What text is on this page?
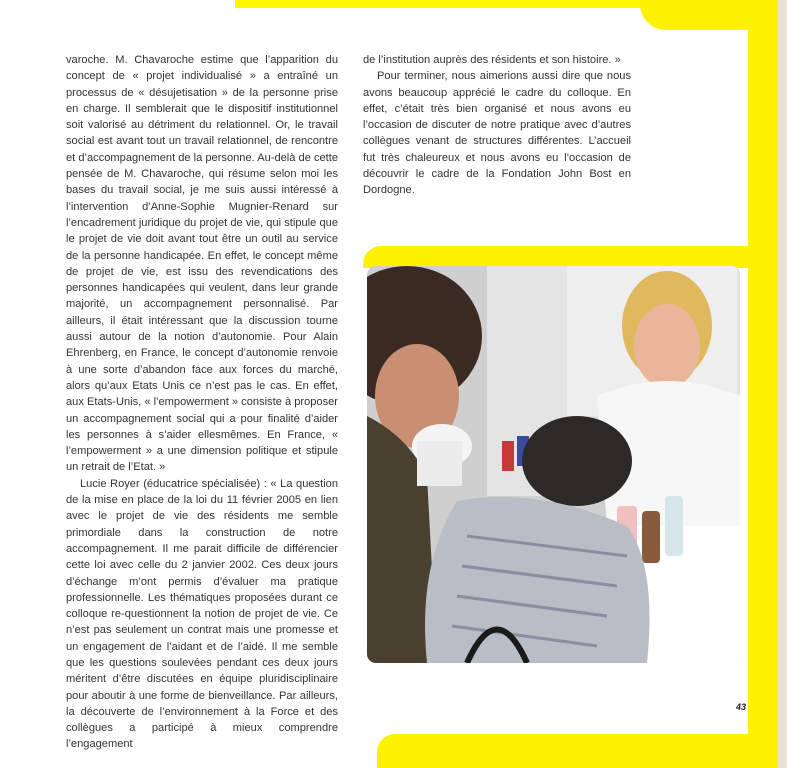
varoche. M. Chavaroche estime que l’apparition du concept de « projet individualisé » a entraîné un processus de « désujetisation » de la personne prise en charge. Il semblerait que le dispositif institutionnel soit valorisé au détriment du relationnel. Or, le travail social est avant tout un travail relationnel, de rencontre et d’accompagnement de la personne. Au-delà de cette pensée de M. Chavaroche, qui résume selon moi les bases du travail social, je me suis aussi intéressé à l’intervention d’Anne-Sophie Mugnier-Renard sur l’encadrement juridique du projet de vie, qui stipule que le projet de vie doit avant tout être un outil au service de la personne handicapée. En effet, le concept même de projet de vie, est issu des revendications des personnes handicapées qui veulent, dans leur grande majorité, un accompagnement personnalisé. Par ailleurs, il était intéressant que la discussion tourne aussi autour de la notion d’autonomie. Pour Alain Ehrenberg, en France, le concept d’autonomie renvoie à une sorte d’abandon face aux forces du marché, alors qu’aux Etats Unis ce n’est pas le cas. En effet, aux Etats-Unis, « l’empowerment » consiste à proposer un accompagnement social qui a pour finalité d’aider les personnes à s’aider ellesmêmes. En France, « l’empowerment » a une dimension politique et stipule un retrait de l’Etat. »

Lucie Royer (éducatrice spécialisée) : « La question de la mise en place de la loi du 11 février 2005 en lien avec le projet de vie des résidents me semble primordiale dans la construction de notre accompagnement. Il me parait difficile de différencier cette loi avec celle du 2 janvier 2002. Ces deux jours d’échange m’ont permis d’évaluer ma pratique professionnelle. Les thématiques proposées durant ce colloque re-questionnent la notion de projet de vie. Ce n’est pas seulement un contrat mais une promesse et un engagement de l’aidant et de l’aidé. Il me semble que les questions soulevées pendant ces deux jours méritent d’être discutées en équipe pluridisciplinaire pour aboutir à une forme de bienveillance. Par ailleurs, la découverte de l’environnement à la Force et des collègues a participé à mieux comprendre l’engagement

de l’institution auprès des résidents et son histoire. »

Pour terminer, nous aimerions aussi dire que nous avons beaucoup apprécié le cadre du colloque. En effet, c’était très bien organisé et nous avons eu l’occasion de discuter de notre pratique avec d’autres collègues venant de structures différentes. L’accueil fut très chaleureux et nous avons eu l’occasion de découvrir le cadre de la Fondation John Bost en Dordogne.

43
